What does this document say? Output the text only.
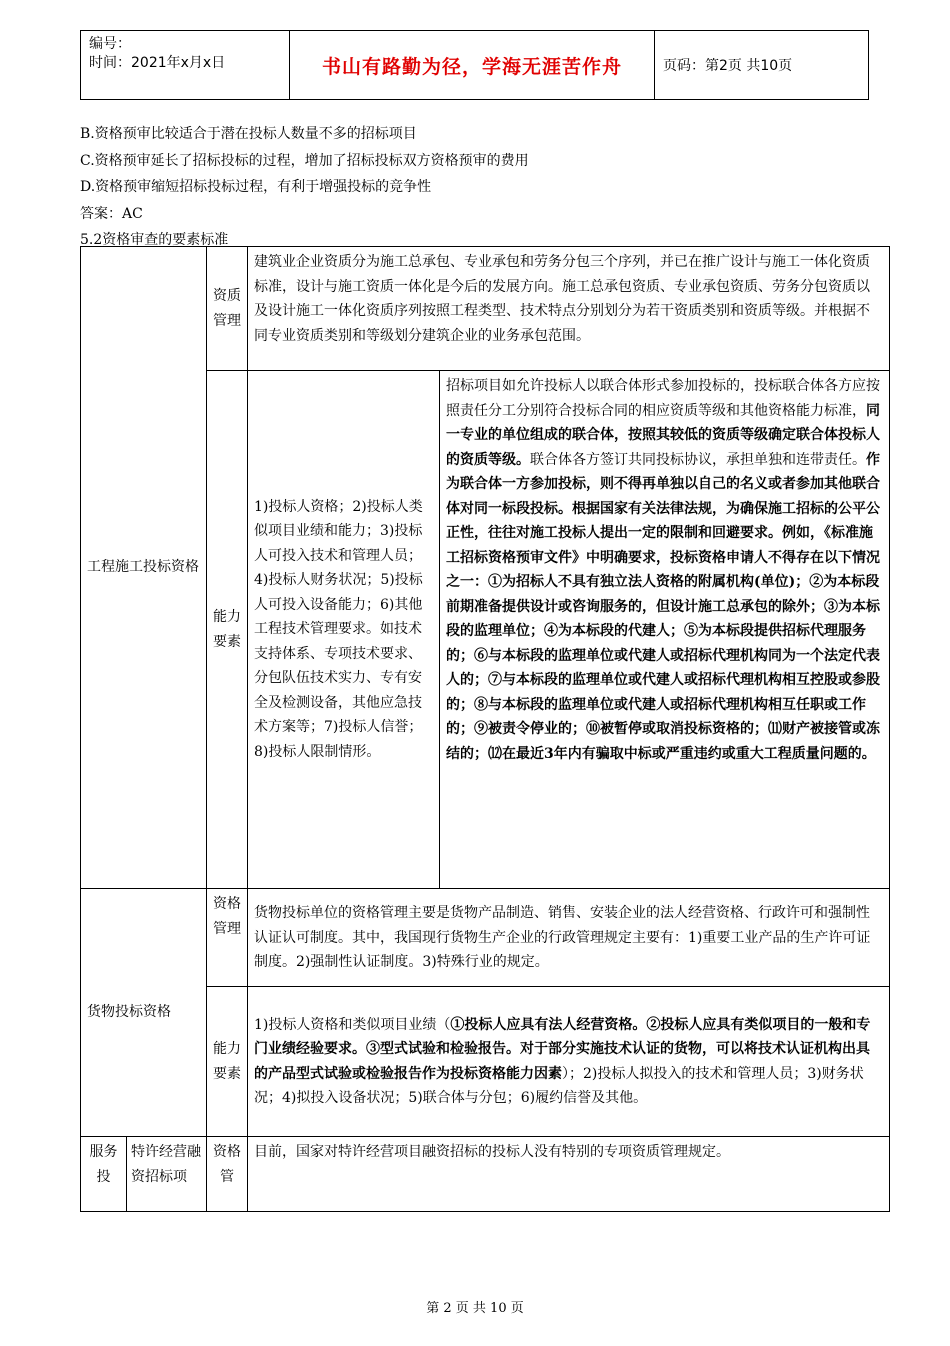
编号：
时间：2021年x月x日	书山有路勤为径，学海无涯苦作舟	页码：第2页 共10页
B.资格预审比较适合于潜在投标人数量不多的招标项目
C.资格预审延长了招标投标的过程，增加了招标投标双方资格预审的费用
D.资格预审缩短招标投标过程，有利于增强投标的竞争性
答案：AC
5.2资格审查的要素标准
工程施工投标资格		资质管理	建筑业企业资质分为施工总承包、专业承包和劳务分包三个序列，并已在推广设计与施工一体化资质标准，设计与施工资质一体化是今后的发展方向。施工总承包资质、专业承包资质、劳务分包资质以及设计施工一体化资质序列按照工程类型、技术特点分别划分为若干资质类别和资质等级。并根据不同专业资质类别和等级划分建筑企业的业务承包范围。	
		能力要素	1)投标人资格；2)投标人类似项目业绩和能力；3)投标人可投入技术和管理人员；4)投标人财务状况；5)投标人可投入设备能力；6)其他工程技术管理要求。如技术支持体系、专项技术要求、分包队伍技术实力、专有安全及检测设备，其他应急技术方案等；7)投标人信誉；8)投标人限制情形。	招标项目如允许投标人以联合体形式参加投标的，投标联合体各方应按照责任分工分别符合投标合同的相应资质等级和其他资格能力标准，同一专业的单位组成的联合体，按照其较低的资质等级确定联合体投标人的资质等级。联合体各方签订共同投标协议，承担单独和连带责任。作为联合体一方参加投标，则不得再单独以自己的名义或者参加其他联合体对同一标段投标。根据国家有关法律法规，为确保施工招标的公平公正性，往往对施工投标人提出一定的限制和回避要求。例如，《标准施工招标资格预审文件》中明确要求，投标资格申请人不得存在以下情况之一：①为招标人不具有独立法人资格的附属机构(单位)；②为本标段前期准备提供设计或咨询服务的，但设计施工总承包的除外；③为本标段的监理单位；④为本标段的代建人；⑤为本标段提供招标代理服务的；⑥与本标段的监理单位或代建人或招标代理机构同为一个法定代表人的；⑦与本标段的监理单位或代建人或招标代理机构相互控股或参股的；⑧与本标段的监理单位或代建人或招标代理机构相互任职或工作的；⑨被责令停业的；⑩被暂停或取消投标资格的；⑾财产被接管或冻结的；⑿在最近3年内有骗取中标或严重违约或重大工程质量问题的。
货物投标资格		资格管理	货物投标单位的资格管理主要是货物产品制造、销售、安装企业的法人经营资格、行政许可和强制性认证认可制度。其中，我国现行货物生产企业的行政管理规定主要有：1)重要工业产品的生产许可证制度。2)强制性认证制度。3)特殊行业的规定。	
		能力要素	1)投标人资格和类似项目业绩（①投标人应具有法人经营资格。②投标人应具有类似项目的一般和专门业绩经验要求。③型式试验和检验报告。对于部分实施技术认证的货物，可以将技术认证机构出具的产品型式试验或检验报告作为投标资格能力因素）；2)投标人拟投入的技术和管理人员；3)财务状况；4)拟投入设备状况；5)联合体与分包；6)履约信誉及其他。	
服务投	特许经营融资招标项	资格管	目前，国家对特许经营项目融资招标的投标人没有特别的专项资质管理规定。	
第 2 页 共 10 页
